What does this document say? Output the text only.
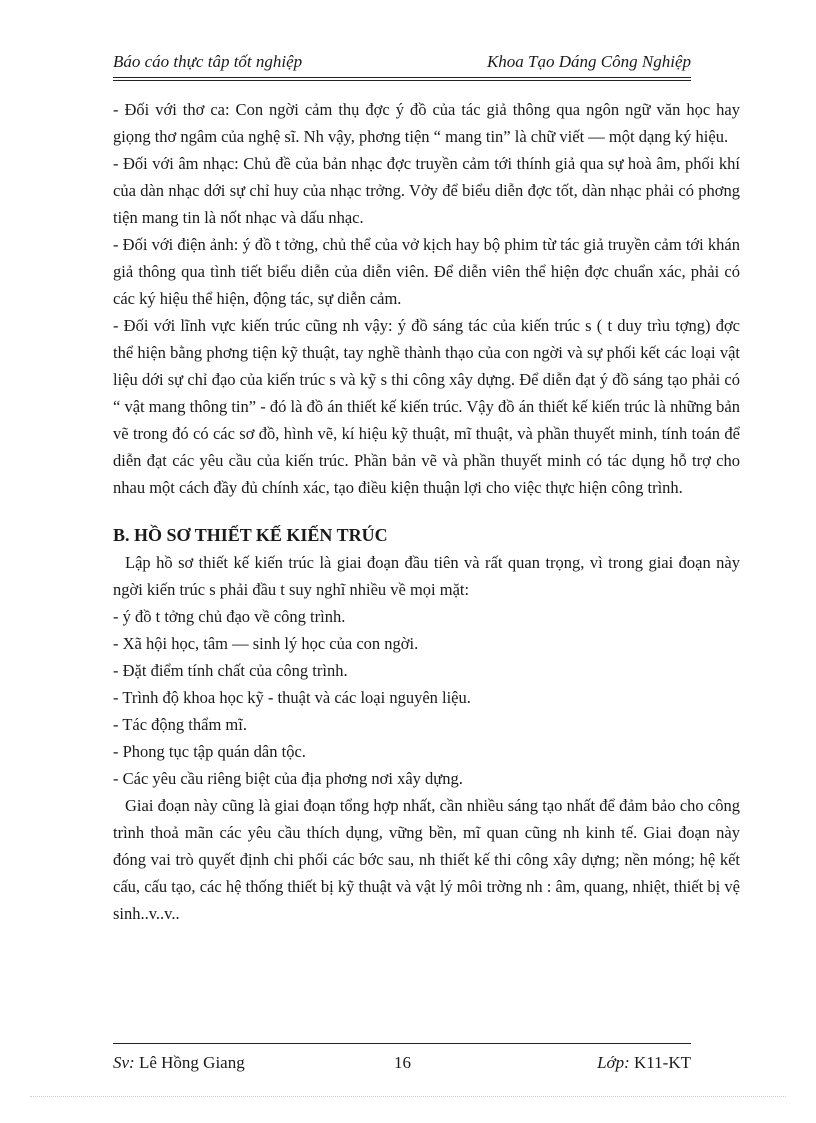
Báo cáo thực tâp tốt nghiệp	Khoa Tạo Dáng Công Nghiệp

- Đối với thơ ca: Con ngời cảm thụ đợc ý đồ của tác giả thông qua ngôn ngữ văn học hay giọng thơ ngâm của nghệ sĩ. Nh vậy, phơng tiện “ mang tin” là chữ viết — một dạng ký hiệu.

- Đối với âm nhạc: Chủ đề của bản nhạc đợc truyền cảm tới thính giả qua sự hoà âm, phối khí của dàn nhạc dới sự chỉ huy của nhạc trởng. Vởy để biểu diễn đợc tốt, dàn nhạc phải có phơng tiện mang tin là nốt nhạc và dấu nhạc.

- Đối với điện ảnh: ý đồ t tởng, chủ thể của vở kịch hay bộ phim từ tác giả truyền cảm tới khán giả thông qua tình tiết biểu diễn của diễn viên. Để diễn viên thể hiện đợc chuẩn xác, phải có các ký hiệu thể hiện, động tác, sự diễn cảm.

- Đối với lĩnh vực kiến trúc cũng nh vậy: ý đồ sáng tác của kiến trúc s ( t duy trìu tợng) đợc thể hiện bằng phơng tiện kỹ thuật, tay nghề thành thạo của con ngời và sự phối kết các loại vật liệu dới sự chỉ đạo của kiến trúc s và kỹ s thi công xây dựng. Để diễn đạt ý đồ sáng tạo phải có “ vật mang thông tin” - đó là đồ án thiết kế kiến trúc. Vậy đồ án thiết kế kiến trúc là những bản vẽ trong đó có các sơ đồ, hình vẽ, kí hiệu kỹ thuật, mĩ thuật, và phần thuyết minh, tính toán để diễn đạt các yêu cầu của kiến trúc. Phần bản vẽ và phần thuyết minh có tác dụng hỗ trợ cho nhau một cách đầy đủ chính xác, tạo điều kiện thuận lợi cho việc thực hiện công trình.

B. HỒ SƠ THIẾT KẾ KIẾN TRÚC

Lập hồ sơ thiết kế kiến trúc là giai đoạn đầu tiên và rất quan trọng, vì trong giai đoạn này ngời kiến trúc s phải đầu t suy nghĩ nhiều về mọi mặt:

- ý đồ t tởng chủ đạo về công trình.

- Xã hội học, tâm — sinh lý học của con ngời.

- Đặt điểm tính chất của công trình.

- Trình độ khoa học kỹ - thuật và các loại nguyên liệu.

- Tác động thẩm mĩ.

- Phong tục tập quán dân tộc.

- Các yêu cầu riêng biệt của địa phơng nơi xây dựng.

Giai đoạn này cũng là giai đoạn tổng hợp nhất, cần nhiều sáng tạo nhất để đảm bảo cho công trình thoả mãn các yêu cầu thích dụng, vững bền, mĩ quan cũng nh kinh tế. Giai đoạn này đóng vai trò quyết định chi phối các bớc sau, nh thiết kế thi công xây dựng; nền móng; hệ kết cấu, cấu tạo, các hệ thống thiết bị kỹ thuật và vật lý môi trờng nh : âm, quang, nhiệt, thiết bị vệ sinh..v..v..

Sv: Lê Hồng Giang	16	Lớp: K11-KT
